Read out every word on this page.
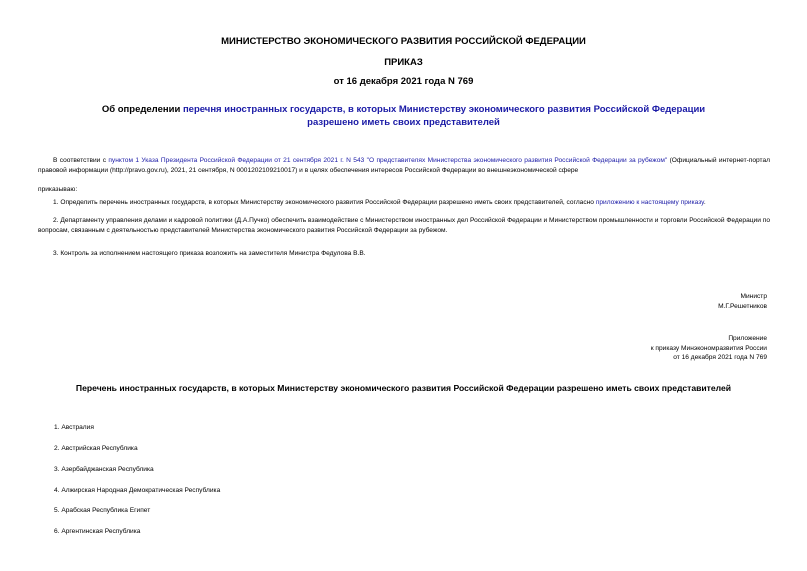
МИНИСТЕРСТВО ЭКОНОМИЧЕСКОГО РАЗВИТИЯ РОССИЙСКОЙ ФЕДЕРАЦИИ
ПРИКАЗ
от 16 декабря 2021 года N 769
Об определении перечня иностранных государств, в которых Министерству экономического развития Российской Федерации разрешено иметь своих представителей
В соответствии с пунктом 1 Указа Президента Российской Федерации от 21 сентября 2021 г. N 543 "О представителях Министерства экономического развития Российской Федерации за рубежом" (Официальный интернет-портал правовой информации (http://pravo.gov.ru), 2021, 21 сентября, N 0001202109210017) и в целях обеспечения интересов Российской Федерации во внешнеэкономической сфере
приказываю:
1. Определить перечень иностранных государств, в которых Министерству экономического развития Российской Федерации разрешено иметь своих представителей, согласно приложению к настоящему приказу.
2. Департаменту управления делами и кадровой политики (Д.А.Пучко) обеспечить взаимодействие с Министерством иностранных дел Российской Федерации и Министерством промышленности и торговли Российской Федерации по вопросам, связанным с деятельностью представителей Министерства экономического развития Российской Федерации за рубежом.
3. Контроль за исполнением настоящего приказа возложить на заместителя Министра Федулова В.В.
Министр
М.Г.Решетников
Приложение
к приказу Минэкономразвития России
от 16 декабря 2021 года N 769
Перечень иностранных государств, в которых Министерству экономического развития Российской Федерации разрешено иметь своих представителей
1. Австралия
2. Австрийская Республика
3. Азербайджанская Республика
4. Алжирская Народная Демократическая Республика
5. Арабская Республика Египет
6. Аргентинская Республика
